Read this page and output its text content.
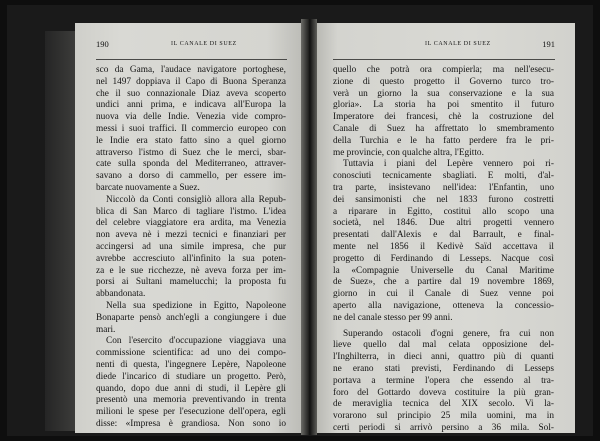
190	IL CANALE DI SUEZ
sco da Gama, l'audace navigatore portoghese,
nel 1497 doppiava il Capo di Buona Speranza
che il suo connazionale Diaz aveva scoperto
undici anni prima, e indicava all'Europa la
nuova via delle Indie. Venezia vide compro-
messi i suoi traffici. Il commercio europeo con
le Indie era stato fatto sino a quel giorno
attraverso l'istmo di Suez che le merci, sbar-
cate sulla sponda del Mediterraneo, attraver-
savano a dorso di cammello, per essere im-
barcate nuovamente a Suez.
Niccolò da Conti consigliò allora alla Repub-
blica di San Marco di tagliare l'istmo. L'idea
del celebre viaggiatore era ardita, ma Venezia
non aveva nè i mezzi tecnici e finanziari per
accingersi ad una simile impresa, che pur
avrebbe accresciuto all'infinito la sua poten-
za e le sue ricchezze, nè aveva forza per im-
porsi ai Sultani mamelucchi; la proposta fu
abbandonata.
Nella sua spedizione in Egitto, Napoleone
Bonaparte pensò anch'egli a congiungere i due
mari.
Con l'esercito d'occupazione viaggiava una
commissione scientifica: ad uno dei compo-
nenti di questa, l'ingegnere Lepère, Napoleone
diede l'incarico di studiare un progetto. Però,
quando, dopo due anni di studi, il Lepère gli
presentò una memoria preventivando in trenta
milioni le spese per l'esecuzione dell'opera, egli
disse: «Impresa è grandiosa. Non sono io
IL CANALE DI SUEZ	191
quello che potrà ora compierla; ma nell'esecu-
zione di questo progetto il Governo turco tro-
verà un giorno la sua conservazione e la sua
gloria». La storia ha poi smentito il futuro
Imperatore dei francesi, chè la costruzione del
Canale di Suez ha affrettato lo smembramento
della Turchia e le ha fatto perdere fra le pri-
me provincie, con qualche altra, l'Egitto.
Tuttavia i piani del Lepère vennero poi ri-
conosciuti tecnicamente sbagliati. E molti, d'al-
tra parte, insistevano nell'idea: l'Enfantin, uno
dei sansimonisti che nel 1833 furono costretti
a riparare in Egitto, costituì allo scopo una
società, nel 1846. Due altri progetti vennero
presentati dall'Alexis e dal Barrault, e final-
mente nel 1856 il Kedivè Saïd accettava il
progetto di Ferdinando di Lesseps. Nacque così
la «Compagnie Universelle du Canal Maritime
de Suez», che a partire dal 19 novembre 1869,
giorno in cui il Canale di Suez venne poi
aperto alla navigazione, otteneva la concessio-
ne del canale stesso per 99 anni.
Superando ostacoli d'ogni genere, fra cui non
lieve quello dal mal celata opposizione del-
l'Inghilterra, in dieci anni, quattro più di quanti
ne erano stati previsti, Ferdinando di Lesseps
portava a termine l'opera che essendo al tra-
foro del Gottardo doveva costituire la più gran-
de meraviglia tecnica del XIX secolo. Vi la-
vorarono sul principio 25 mila uomini, ma in
certi periodi si arrivò persino a 36 mila. Sol-
